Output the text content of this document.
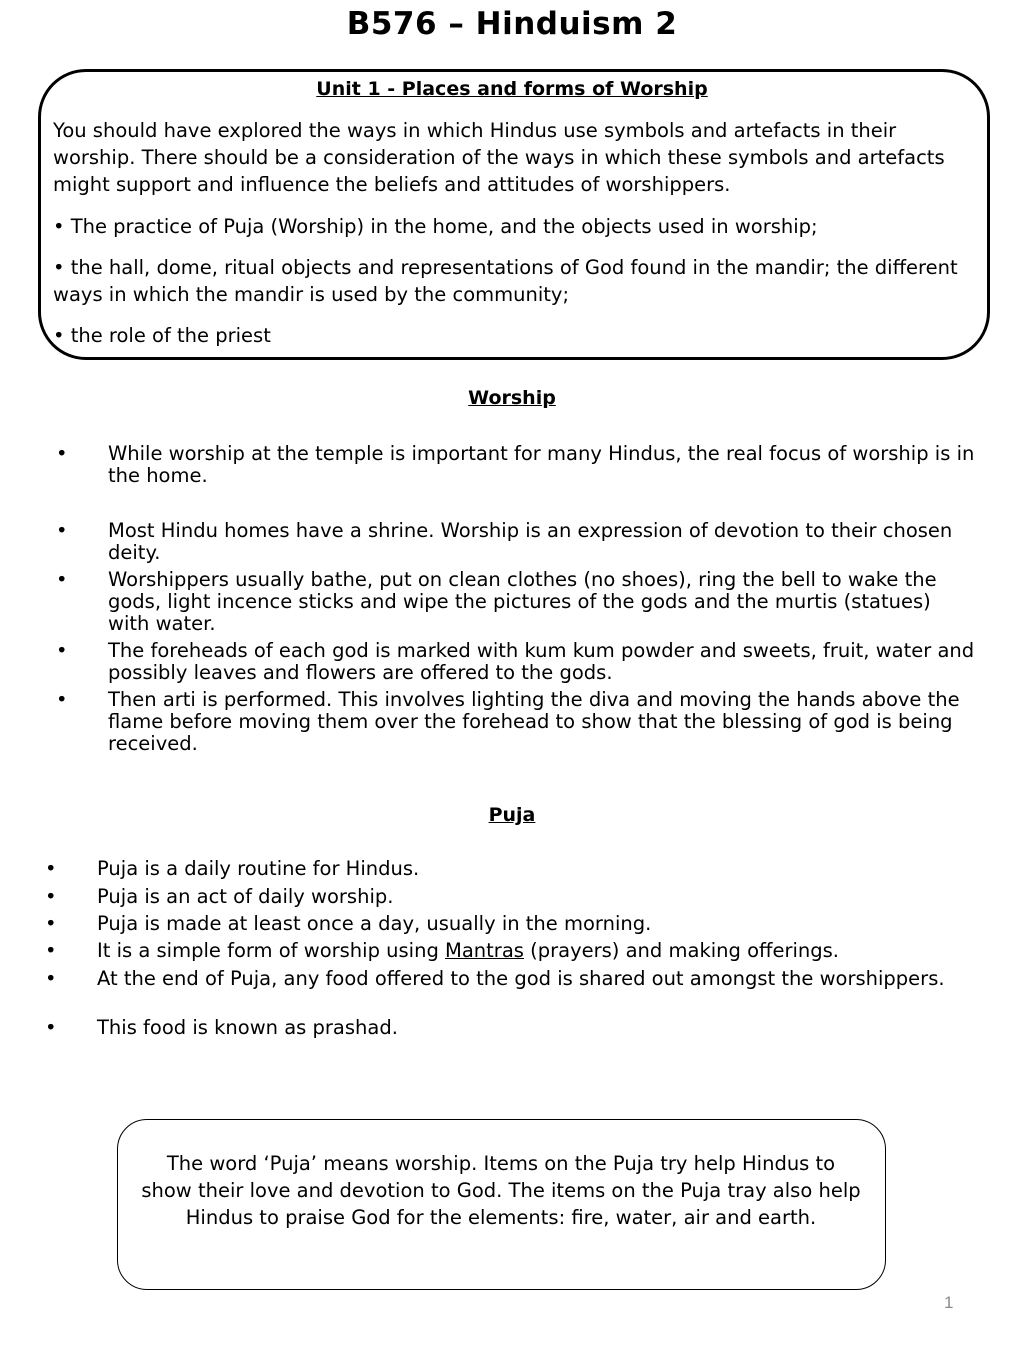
B576 – Hinduism 2
Unit 1 - Places and forms of Worship

You should have explored the ways in which Hindus use symbols and artefacts in their worship. There should be a consideration of the ways in which these symbols and artefacts might support and influence the beliefs and attitudes of worshippers.

• The practice of Puja (Worship) in the home, and the objects used in worship;

• the hall, dome, ritual objects and representations of God found in the mandir; the different ways in which the mandir is used by the community;

• the role of the priest

Worship
• While worship at the temple is important for many Hindus, the real focus of worship is in the home.
• Most Hindu homes have a shrine. Worship is an expression of devotion to their chosen deity.
• Worshippers usually bathe, put on clean clothes (no shoes), ring the bell to wake the gods, light incence sticks and wipe the pictures of the gods and the murtis (statues) with water.
• The foreheads of each god is marked with kum kum powder and sweets, fruit, water and possibly leaves and flowers are offered to the gods.
• Then arti is performed. This involves lighting the diva and moving the hands above the flame before moving them over the forehead to show that the blessing of god is being received.
Puja
• Puja is a daily routine for Hindus.
• Puja is an act of daily worship.
• Puja is made at least once a day, usually in the morning.
• It is a simple form of worship using Mantras (prayers) and making offerings.
• At the end of Puja, any food offered to the god is shared out amongst the worshippers.
• This food is known as prashad.
The word ‘Puja’ means worship. Items on the Puja try help Hindus to show their love and devotion to God. The items on the Puja tray also help Hindus to praise God for the elements: fire, water, air and earth.
1
